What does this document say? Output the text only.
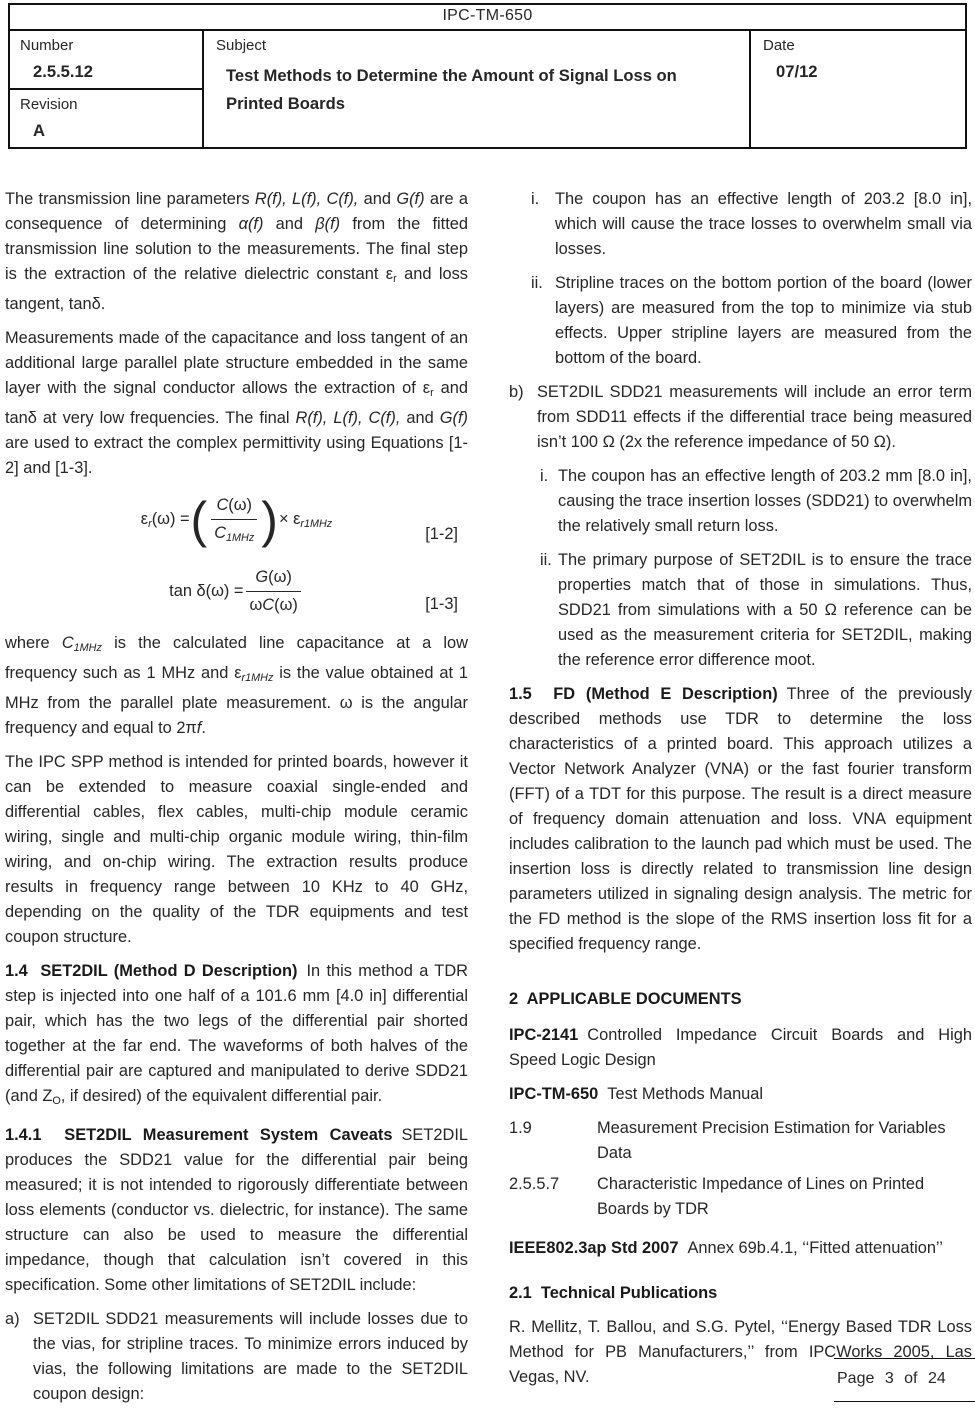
IPC-TM-650
Number
2.5.5.12
Revision
A
Subject
Test Methods to Determine the Amount of Signal Loss on Printed Boards
Date
07/12

The transmission line parameters R(f), L(f), C(f), and G(f) are a consequence of determining α(f) and β(f) from the fitted transmission line solution to the measurements. The final step is the extraction of the relative dielectric constant εr and loss tangent, tanδ.

Measurements made of the capacitance and loss tangent of an additional large parallel plate structure embedded in the same layer with the signal conductor allows the extraction of εr and tanδ at very low frequencies. The final R(f), L(f), C(f), and G(f) are used to extract the complex permittivity using Equations [1-2] and [1-3].

εr(ω) = ( $\frac{C(\omega)}{\text{C1MHz}}$ ) × εr1MHz
[1-2]
$\tan \delta(\omega) = \frac{G(\omega)}{\omega C(\omega)}$	[1-3]

where C1MHz is the calculated line capacitance at a low frequency such as 1 MHz and εr1MHz is the value obtained at 1 MHz from the parallel plate measurement. ω is the angular frequency and equal to 2πf.

The IPC SPP method is intended for printed boards, however it can be extended to measure coaxial single-ended and differential cables, flex cables, multi-chip module ceramic wiring, single and multi-chip organic module wiring, thin-film wiring, and on-chip wiring. The extraction results produce results in frequency range between 10 KHz to 40 GHz, depending on the quality of the TDR equipments and test coupon structure.

1.4  SET2DIL (Method D Description) In this method a TDR step is injected into one half of a 101.6 mm [4.0 in] differential pair, which has the two legs of the differential pair shorted together at the far end. The waveforms of both halves of the differential pair are captured and manipulated to derive SDD21 (and ZO, if desired) of the equivalent differential pair.

1.4.1  SET2DIL Measurement System Caveats SET2DIL produces the SDD21 value for the differential pair being measured; it is not intended to rigorously differentiate between loss elements (conductor vs. dielectric, for instance). The same structure can also be used to measure the differential impedance, though that calculation isn’t covered in this specification. Some other limitations of SET2DIL include:

a) SET2DIL SDD21 measurements will include losses due to the vias, for stripline traces. To minimize errors induced by vias, the following limitations are made to the SET2DIL coupon design:
i. The coupon has an effective length of 203.2 [8.0 in], which will cause the trace losses to overwhelm small via losses.
ii. Stripline traces on the bottom portion of the board (lower layers) are measured from the top to minimize via stub effects. Upper stripline layers are measured from the bottom of the board.
b) SET2DIL SDD21 measurements will include an error term from SDD11 effects if the differential trace being measured isn’t 100 Ω (2x the reference impedance of 50 Ω).
i. The coupon has an effective length of 203.2 mm [8.0 in], causing the trace insertion losses (SDD21) to overwhelm the relatively small return loss.
ii. The primary purpose of SET2DIL is to ensure the trace properties match that of those in simulations. Thus, SDD21 from simulations with a 50 Ω reference can be used as the measurement criteria for SET2DIL, making the reference error difference moot.

1.5  FD (Method E Description) Three of the previously described methods use TDR to determine the loss characteristics of a printed board. This approach utilizes a Vector Network Analyzer (VNA) or the fast fourier transform (FFT) of a TDT for this purpose. The result is a direct measure of frequency domain attenuation and loss. VNA equipment includes calibration to the launch pad which must be used. The insertion loss is directly related to transmission line design parameters utilized in signaling design analysis. The metric for the FD method is the slope of the RMS insertion loss fit for a specified frequency range.

2  APPLICABLE DOCUMENTS

IPC-2141 Controlled Impedance Circuit Boards and High Speed Logic Design

IPC-TM-650 Test Methods Manual

1.9	Measurement Precision Estimation for Variables Data
2.5.5.7	Characteristic Impedance of Lines on Printed Boards by TDR

IEEE802.3ap Std 2007 Annex 69b.4.1, ‘‘Fitted attenuation’’

2.1  Technical Publications

R. Mellitz, T. Ballou, and S.G. Pytel, ‘‘Energy Based TDR Loss Method for PB Manufacturers,’’ from IPCWorks 2005, Las Vegas, NV.	Page 3 of 24
